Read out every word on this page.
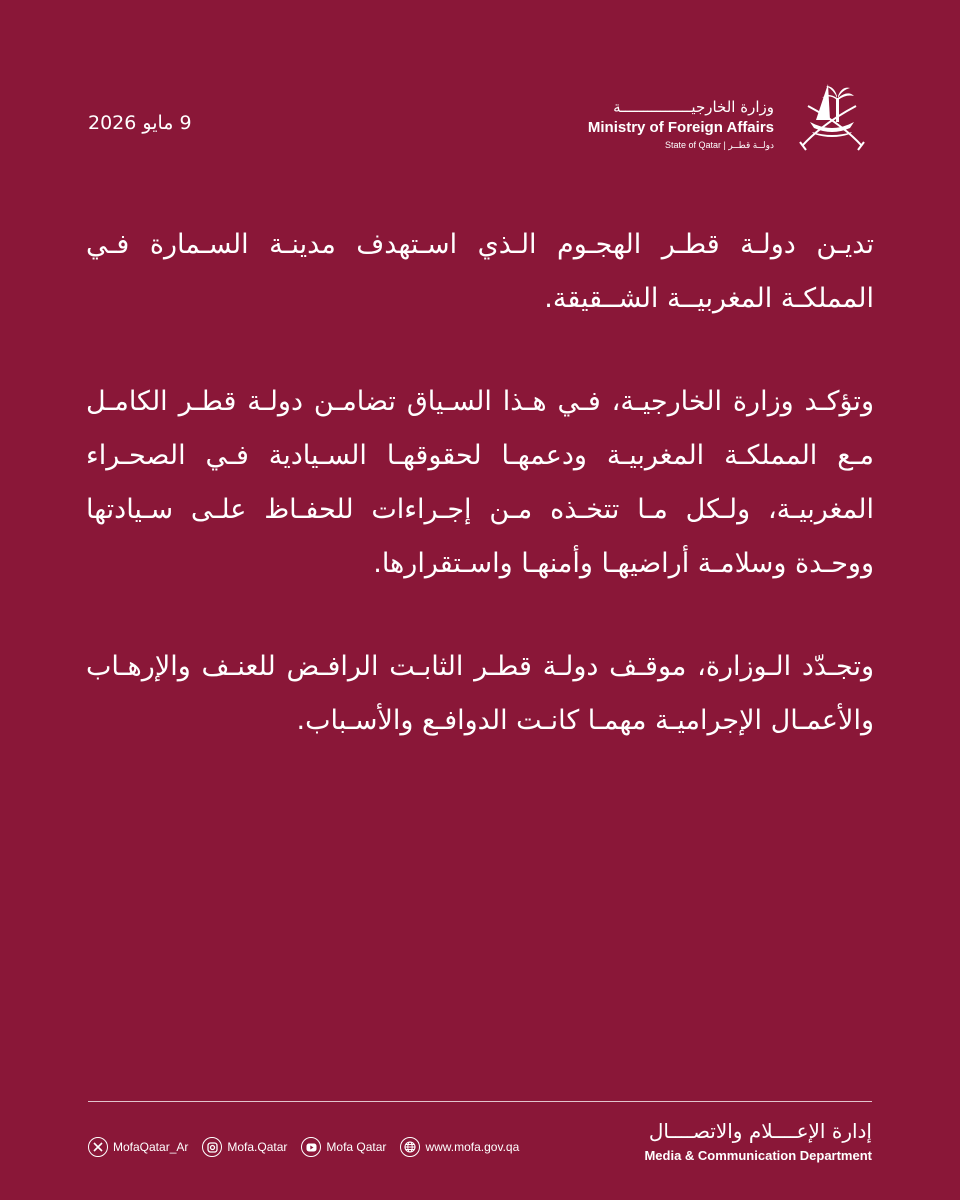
9 مايو 2026
وزارة الخارجيــــــــــــــــة
Ministry of Foreign Affairs
State of Qatar | دولــة قطــر

تديـن دولـة قطـر الهجـوم الـذي اسـتهدف مدينـة السـمارة فـي المملكـة المغربيــة الشــقيقة.

وتؤكـد وزارة الخارجيـة، فـي هـذا السـياق تضامـن دولـة قطـر الكامـل مـع المملكـة المغربيـة ودعمهـا لحقوقهـا السـيادية فـي الصحـراء المغربيـة، ولـكل مـا تتخـذه مـن إجـراءات للحفـاظ علـى سـيادتها ووحـدة وسلامـة أراضيهـا وأمنهـا واسـتقرارها.

وتجـدّد الـوزارة، موقـف دولـة قطـر الثابـت الرافـض للعنـف والإرهـاب والأعمـال الإجراميـة مهمـا كانـت الدوافـع والأسـباب.

إدارة الإعــــلام والاتصــــال
Media & Communication Department
MofaQatar_Ar	Mofa.Qatar	Mofa Qatar	www.mofa.gov.qa
